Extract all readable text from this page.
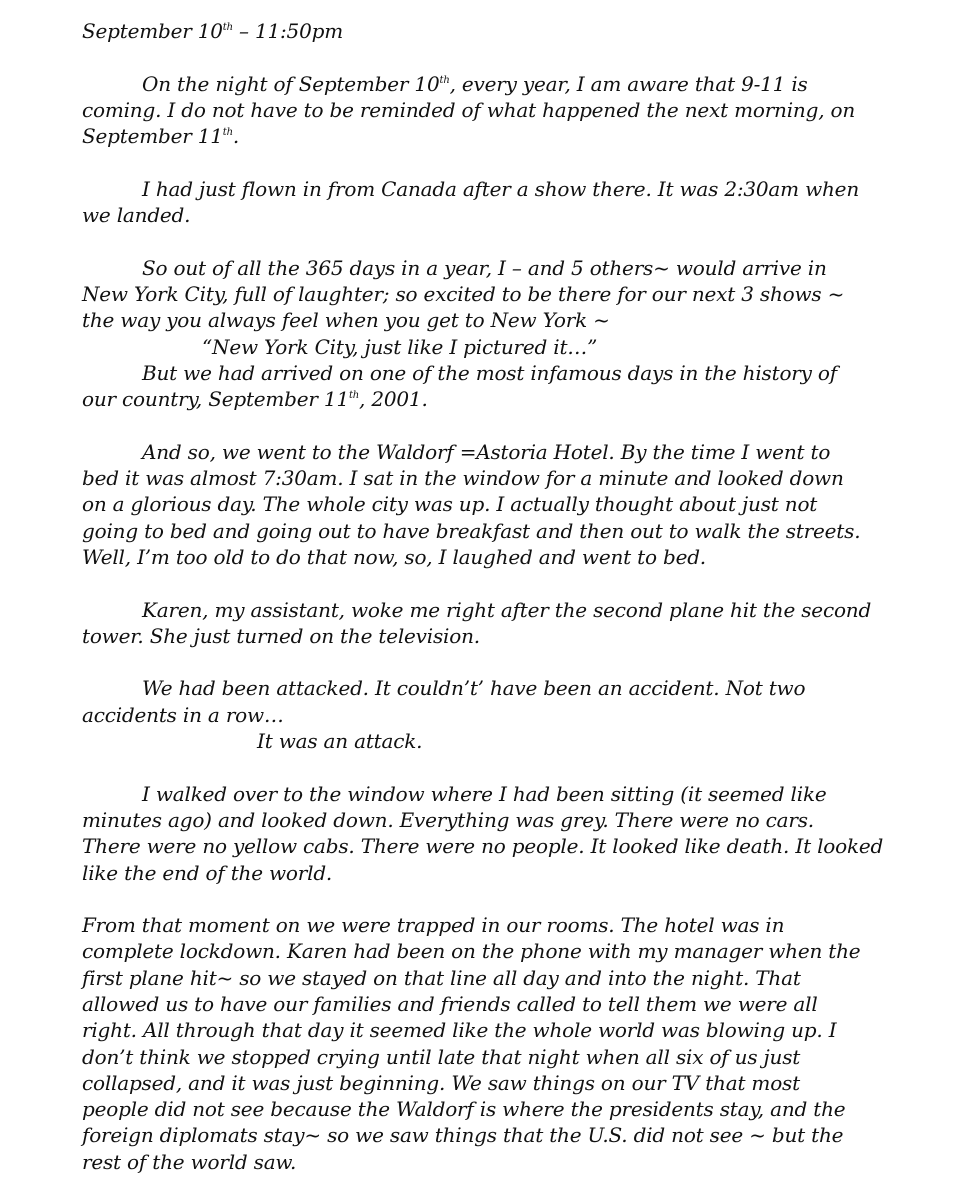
September 10th – 11:50pm
On the night of September 10th, every year, I am aware that 9-11 is
coming. I do not have to be reminded of what happened the next morning, on
September 11th.
I had just flown in from Canada after a show there. It was 2:30am when
we landed.
So out of all the 365 days in a year, I – and 5 others~ would arrive in
New York City, full of laughter; so excited to be there for our next 3 shows ~
the way you always feel when you get to New York ~
“New York City, just like I pictured it…”
But we had arrived on one of the most infamous days in the history of
our country, September 11th, 2001.
And so, we went to the Waldorf =Astoria Hotel. By the time I went to
bed it was almost 7:30am. I sat in the window for a minute and looked down
on a glorious day. The whole city was up. I actually thought about just not
going to bed and going out to have breakfast and then out to walk the streets.
Well, I’m too old to do that now, so, I laughed and went to bed.
Karen, my assistant, woke me right after the second plane hit the second
tower. She just turned on the television.
We had been attacked. It couldn’t’ have been an accident. Not two
accidents in a row…
It was an attack.
I walked over to the window where I had been sitting (it seemed like
minutes ago) and looked down. Everything was grey. There were no cars.
There were no yellow cabs. There were no people. It looked like death. It looked
like the end of the world.
From that moment on we were trapped in our rooms. The hotel was in
complete lockdown. Karen had been on the phone with my manager when the
first plane hit~ so we stayed on that line all day and into the night. That
allowed us to have our families and friends called to tell them we were all
right. All through that day it seemed like the whole world was blowing up. I
don’t think we stopped crying until late that night when all six of us just
collapsed, and it was just beginning. We saw things on our TV that most
people did not see because the Waldorf is where the presidents stay, and the
foreign diplomats stay~ so we saw things that the U.S. did not see ~ but the
rest of the world saw.
